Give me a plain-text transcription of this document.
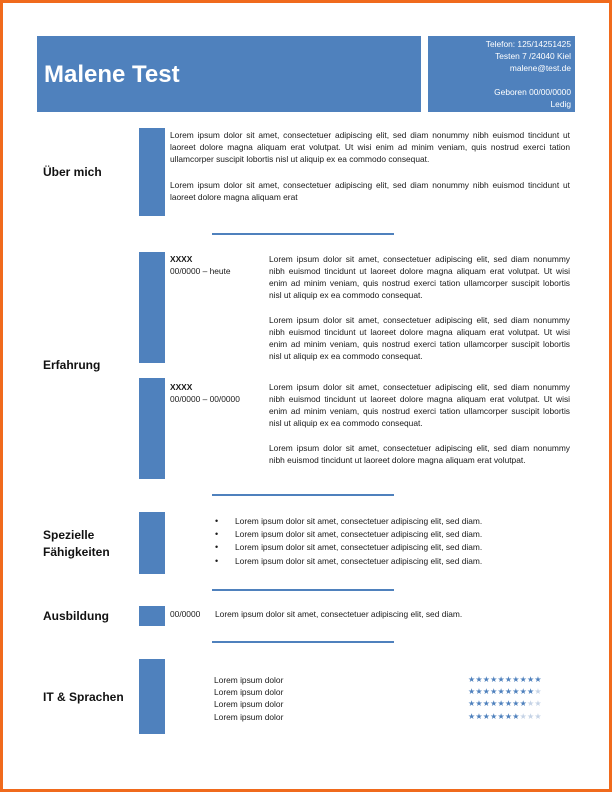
Malene Test
Telefon: 125/14251425
Testen 7 /24040 Kiel
malene@test.de
Geboren 00/00/0000
Ledig
Über mich
Lorem ipsum dolor sit amet, consectetuer adipiscing elit, sed diam nonummy nibh euismod tincidunt ut laoreet dolore magna aliquam erat volutpat. Ut wisi enim ad minim veniam, quis nostrud exerci tation ullamcorper suscipit lobortis nisl ut aliquip ex ea commodo consequat.
Lorem ipsum dolor sit amet, consectetuer adipiscing elit, sed diam nonummy nibh euismod tincidunt ut laoreet dolore magna aliquam erat
Erfahrung
XXXX
00/0000 – heute
Lorem ipsum dolor sit amet, consectetuer adipiscing elit, sed diam nonummy nibh euismod tincidunt ut laoreet dolore magna aliquam erat volutpat. Ut wisi enim ad minim veniam, quis nostrud exerci tation ullamcorper suscipit lobortis nisl ut aliquip ex ea commodo consequat.
Lorem ipsum dolor sit amet, consectetuer adipiscing elit, sed diam nonummy nibh euismod tincidunt ut laoreet dolore magna aliquam erat volutpat. Ut wisi enim ad minim veniam, quis nostrud exerci tation ullamcorper suscipit lobortis nisl ut aliquip ex ea commodo consequat.
XXXX
00/0000 – 00/0000
Lorem ipsum dolor sit amet, consectetuer adipiscing elit, sed diam nonummy nibh euismod tincidunt ut laoreet dolore magna aliquam erat volutpat. Ut wisi enim ad minim veniam, quis nostrud exerci tation ullamcorper suscipit lobortis nisl ut aliquip ex ea commodo consequat.
Lorem ipsum dolor sit amet, consectetuer adipiscing elit, sed diam nonummy nibh euismod tincidunt ut laoreet dolore magna aliquam erat volutpat.
Spezielle
Fähigkeiten
• Lorem ipsum dolor sit amet, consectetuer adipiscing elit, sed diam.
• Lorem ipsum dolor sit amet, consectetuer adipiscing elit, sed diam.
• Lorem ipsum dolor sit amet, consectetuer adipiscing elit, sed diam.
• Lorem ipsum dolor sit amet, consectetuer adipiscing elit, sed diam.
Ausbildung	00/0000 Lorem ipsum dolor sit amet, consectetuer adipiscing elit, sed diam.
IT & Sprachen
Lorem ipsum dolor
Lorem ipsum dolor
Lorem ipsum dolor
Lorem ipsum dolor
★★★★★★★★★★
★★★★★★★★★★
★★★★★★★★★★
★★★★★★★★★★
